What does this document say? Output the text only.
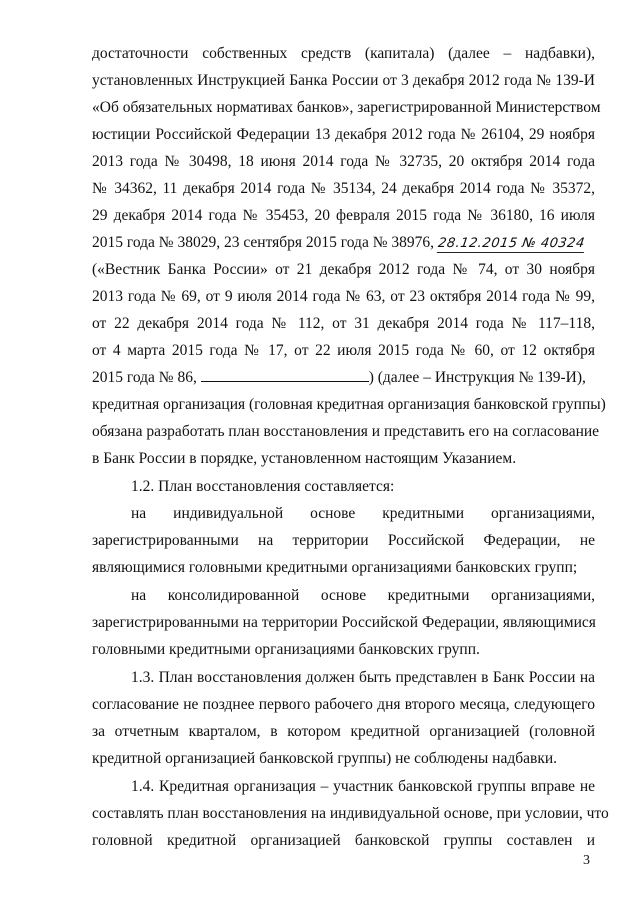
достаточности собственных средств (капитала) (далее – надбавки),
установленных Инструкцией Банка России от 3 декабря 2012 года № 139-И
«Об обязательных нормативах банков», зарегистрированной Министерством
юстиции Российской Федерации 13 декабря 2012 года № 26104, 29 ноября
2013 года № 30498, 18 июня 2014 года № 32735, 20 октября 2014 года
№ 34362, 11 декабря 2014 года № 35134, 24 декабря 2014 года № 35372,
29 декабря 2014 года № 35453, 20 февраля 2015 года № 36180, 16 июля
2015 года № 38029, 23 сентября 2015 года № 38976, 28.12.2015 № 40324
(«Вестник Банка России» от 21 декабря 2012 года № 74, от 30 ноября
2013 года № 69, от 9 июля 2014 года № 63, от 23 октября 2014 года № 99,
от 22 декабря 2014 года № 112, от 31 декабря 2014 года № 117–118,
от 4 марта 2015 года № 17, от 22 июля 2015 года № 60, от 12 октября
2015 года № 86,	) (далее – Инструкция № 139-И),
кредитная организация (головная кредитная организация банковской группы)
обязана разработать план восстановления и представить его на согласование
в Банк России в порядке, установленном настоящим Указанием.
1.2. План восстановления составляется:
на индивидуальной основе кредитными организациями,
зарегистрированными на территории Российской Федерации, не
являющимися головными кредитными организациями банковских групп;
на консолидированной основе кредитными организациями,
зарегистрированными на территории Российской Федерации, являющимися
головными кредитными организациями банковских групп.
1.3. План восстановления должен быть представлен в Банк России на
согласование не позднее первого рабочего дня второго месяца, следующего
за отчетным кварталом, в котором кредитной организацией (головной
кредитной организацией банковской группы) не соблюдены надбавки.
1.4. Кредитная организация – участник банковской группы вправе не
составлять план восстановления на индивидуальной основе, при условии, что
головной кредитной организацией банковской группы составлен и
3
